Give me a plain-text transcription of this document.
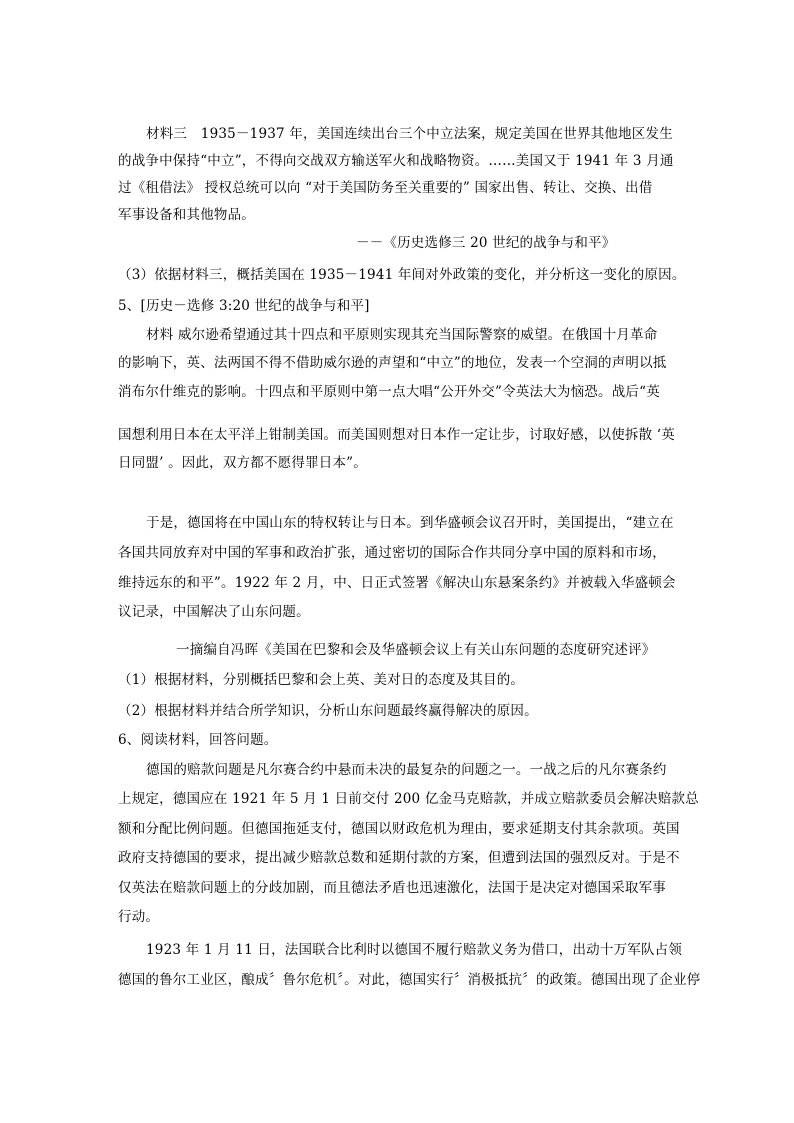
材料三　1935－1937 年，美国连续出台三个中立法案，规定美国在世界其他地区发生
的战争中保持“中立”，不得向交战双方输送军火和战略物资。……美国又于 1941 年 3 月通
过《租借法》 授权总统可以向 “对于美国防务至关重要的” 国家出售、转让、交换、出借
军事设备和其他物品。
－－《历史选修三 20 世纪的战争与和平》
（3）依据材料三，概括美国在 1935－1941 年间对外政策的变化，并分析这一变化的原因。
5、[历史－选修 3:20 世纪的战争与和平]
材料 威尔逊希望通过其十四点和平原则实现其充当国际警察的威望。在俄国十月革命
的影响下，英、法两国不得不借助威尔逊的声望和“中立”的地位，发表一个空洞的声明以抵
消布尔什维克的影响。十四点和平原则中第一点大唱“公开外交”令英法大为恼恐。战后“英
国想利用日本在太平洋上钳制美国。而美国则想对日本作一定让步，讨取好感，以使拆散 ‘英
日同盟’ 。因此，双方都不愿得罪日本”。
于是，德国将在中国山东的特权转让与日本。到华盛顿会议召开时，美国提出，“建立在
各国共同放弃对中国的军事和政治扩张，通过密切的国际合作共同分享中国的原料和市场，
维持远东的和平”。1922 年 2 月，中、日正式签署《解决山东悬案条约》并被载入华盛顿会
议记录，中国解决了山东问题。
一摘编自冯晖《美国在巴黎和会及华盛顿会议上有关山东问题的态度研究述评》
（1）根据材料，分别概括巴黎和会上英、美对日的态度及其目的。
（2）根据材料并结合所学知识，分析山东问题最终赢得解决的原因。
6、阅读材料，回答问题。
德国的赔款问题是凡尔赛合约中悬而未决的最复杂的问题之一。一战之后的凡尔赛条约
上规定，德国应在 1921 年 5 月 1 日前交付 200 亿金马克赔款，并成立赔款委员会解决赔款总
额和分配比例问题。但德国拖延支付，德国以财政危机为理由，要求延期支付其余款项。英国
政府支持德国的要求，提出减少赔款总数和延期付款的方案，但遭到法国的强烈反对。于是不
仅英法在赔款问题上的分歧加剧，而且德法矛盾也迅速激化，法国于是决定对德国采取军事
行动。
1923 年 1 月 11 日，法国联合比利时以德国不履行赔款义务为借口，出动十万军队占领
德国的鲁尔工业区，酿成〞鲁尔危机〞。对此，德国实行〞消极抵抗〞的政策。德国出现了企业停
